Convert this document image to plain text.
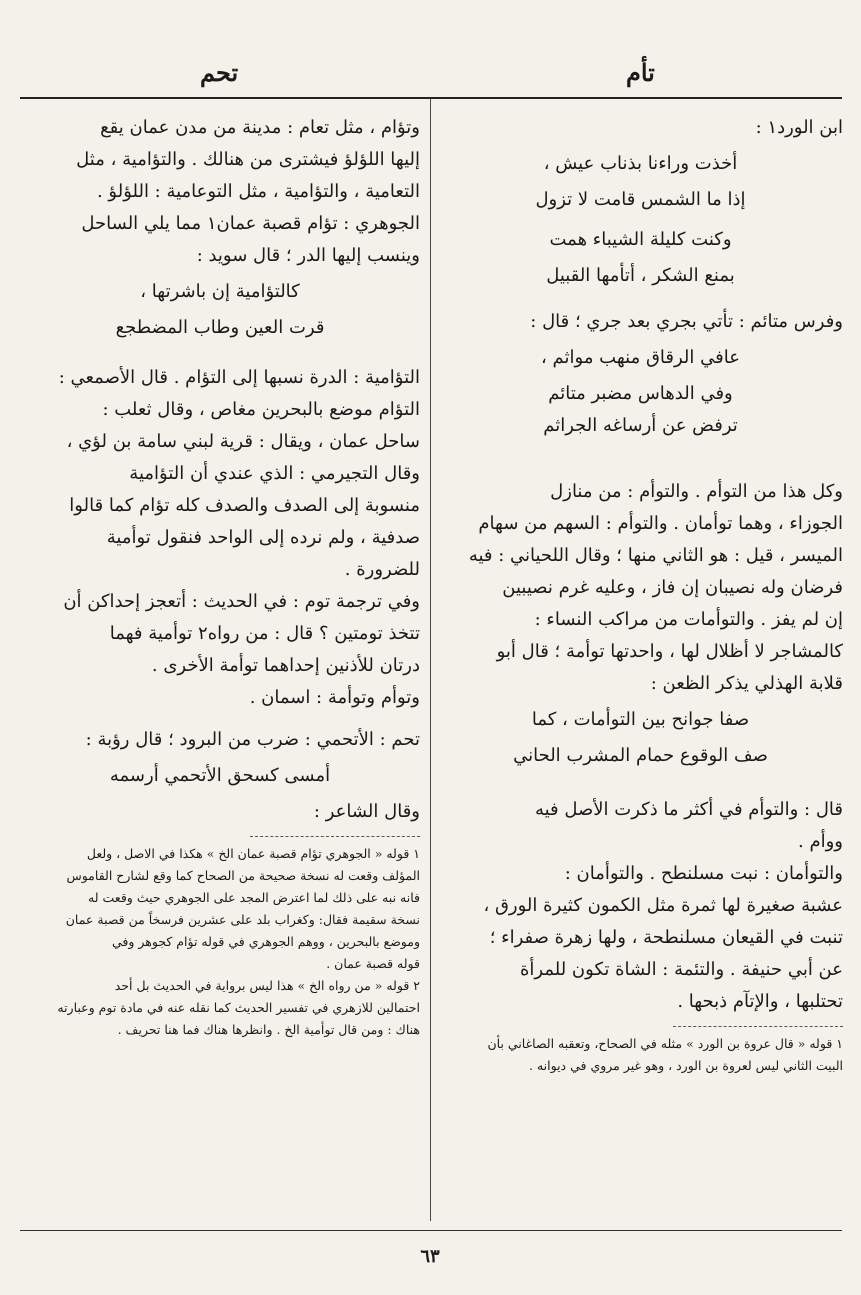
تأم
تحم
ابن الورد١ :
أخذت وراءنا بذناب عيش ،
إذا ما الشمس قامت لا تزول
وكنت كليلة الشيباء همت
بمنع الشكر ، أتأمها القبيل
وفرس متائم : تأتي بجري بعد جري ؛ قال :
عافي الرقاق منهب مواثم ،
وفي الدهاس مضبر متائم
ترفض عن أرساغه الجراثم
وكل هذا من التوأم . والتوأم : من منازل
الجوزاء ، وهما توأمان . والتوأم : السهم من سهام
الميسر ، قيل : هو الثاني منها ؛ وقال اللحياني : فيه
فرضان وله نصيبان إن فاز ، وعليه غرم نصيبين
إن لم يفز . والتوأمات من مراكب النساء :
كالمشاجر لا أظلال لها ، واحدتها توأمة ؛ قال أبو
قلابة الهذلي يذكر الظعن :
صفا جوانح بين التوأمات ، كما
صف الوقوع حمام المشرب الحاني
قال : والتوأم في أكثر ما ذكرت الأصل فيه
ووأم .
والتوأمان : نبت مسلنطح . والتوأمان :
عشبة صغيرة لها ثمرة مثل الكمون كثيرة الورق ،
تنبت في القيعان مسلنطحة ، ولها زهرة صفراء ؛
عن أبي حنيفة . والتئمة : الشاة تكون للمرأة
تحتلبها ، والإتآم ذبحها .
١ قوله « قال عروة بن الورد » مثله في الصحاح، وتعقبه الصاغاني بأن
البيت الثاني ليس لعروة بن الورد ، وهو غير مروي في ديوانه .
وتؤام ، مثل تعام : مدينة من مدن عمان يقع
إليها اللؤلؤ فيشترى من هنالك . والتؤامية ، مثل
التعامية ، والتؤامية ، مثل التوعامية : اللؤلؤ .
الجوهري : تؤام قصبة عمان١ مما يلي الساحل
وينسب إليها الدر ؛ قال سويد :
كالتؤامية إن باشرتها ،
قرت العين وطاب المضطجع
التؤامية : الدرة نسبها إلى التؤام . قال الأصمعي :
التؤام موضع بالبحرين مغاص ، وقال ثعلب :
ساحل عمان ، ويقال : قرية لبني سامة بن لؤي ،
وقال التجيرمي : الذي عندي أن التؤامية
منسوبة إلى الصدف والصدف كله تؤام كما قالوا
صدفية ، ولم نرده إلى الواحد فنقول توأمية
للضرورة .
وفي ترجمة توم : في الحديث : أتعجز إحداكن أن
تتخذ تومتين ؟ قال : من رواه٢ توأمية فهما
درتان للأذنين إحداهما توأمة الأخرى .
وتوأم وتوأمة : اسمان .
تحم : الأتحمي : ضرب من البرود ؛ قال رؤبة :
أمسى كسحق الأتحمي أرسمه
وقال الشاعر :
١ قوله « الجوهري تؤام قصبة عمان الخ » هكذا في الاصل ، ولعل
المؤلف وقعت له نسخة صحيحة من الصحاح كما وقع لشارح القاموس
فانه نبه على ذلك لما اعترض المجد على الجوهري حيث وقعت له
نسخة سقيمة فقال: وكغراب بلد على عشرين فرسخاً من قصبة عمان
وموضع بالبحرين ، ووهم الجوهري في قوله تؤام كجوهر وفي
قوله قصبة عمان .
٢ قوله « من رواه الخ » هذا ليس برواية في الحديث بل أحد
احتمالين للازهري في تفسير الحديث كما نقله عنه في مادة توم وعبارته
هناك : ومن قال توأمية الخ . وانظرها هناك فما هنا تحريف .
٦٣
